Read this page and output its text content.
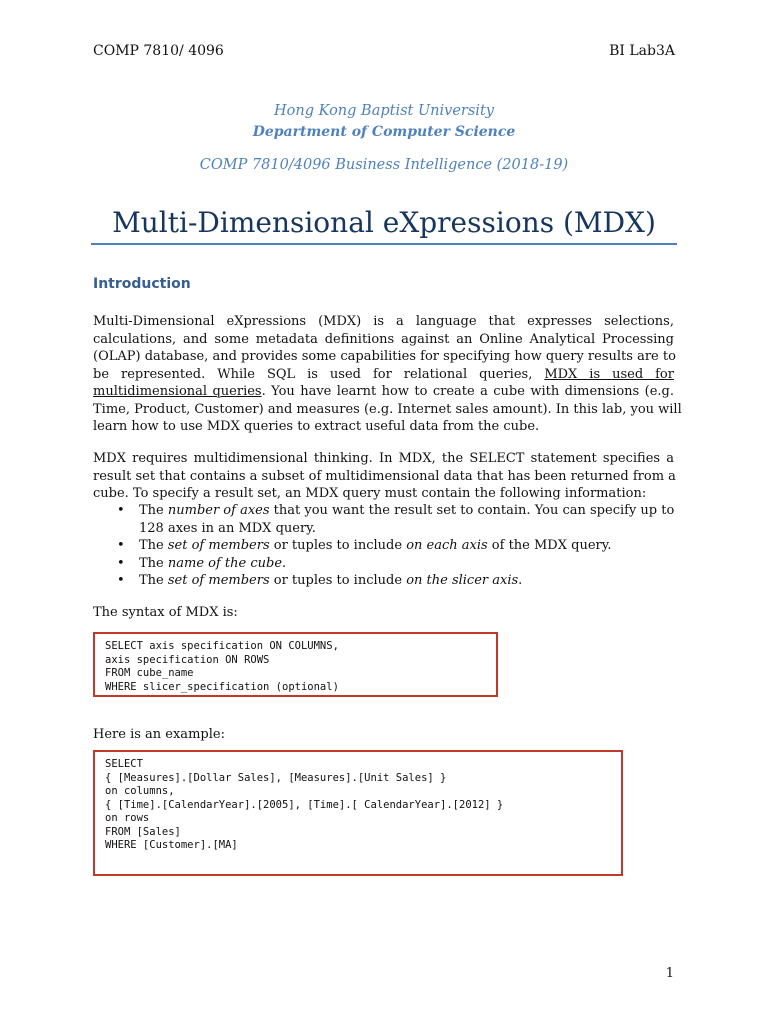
COMP 7810/ 4096	BI Lab3A
Hong Kong Baptist University
Department of Computer Science
COMP 7810/4096 Business Intelligence (2018-19)
Multi-Dimensional eXpressions (MDX)
Introduction
Multi-Dimensional eXpressions (MDX) is a language that expresses selections,
calculations, and some metadata definitions against an Online Analytical Processing
(OLAP) database, and provides some capabilities for specifying how query results are to
be represented. While SQL is used for relational queries, MDX is used for
multidimensional queries. You have learnt how to create a cube with dimensions (e.g.
Time, Product, Customer) and measures (e.g. Internet sales amount). In this lab, you will
learn how to use MDX queries to extract useful data from the cube.
MDX requires multidimensional thinking. In MDX, the SELECT statement specifies a
result set that contains a subset of multidimensional data that has been returned from a
cube. To specify a result set, an MDX query must contain the following information:
• The number of axes that you want the result set to contain. You can specify up to
128 axes in an MDX query.
• The set of members or tuples to include on each axis of the MDX query.
• The name of the cube.
• The set of members or tuples to include on the slicer axis.
The syntax of MDX is:
SELECT axis specification ON COLUMNS,
axis specification ON ROWS
FROM cube_name
WHERE slicer_specification (optional)
Here is an example:
SELECT
{ [Measures].[Dollar Sales], [Measures].[Unit Sales] }
on columns,
{ [Time].[CalendarYear].[2005], [Time].[ CalendarYear].[2012] }
on rows
FROM [Sales]
WHERE [Customer].[MA]
1
